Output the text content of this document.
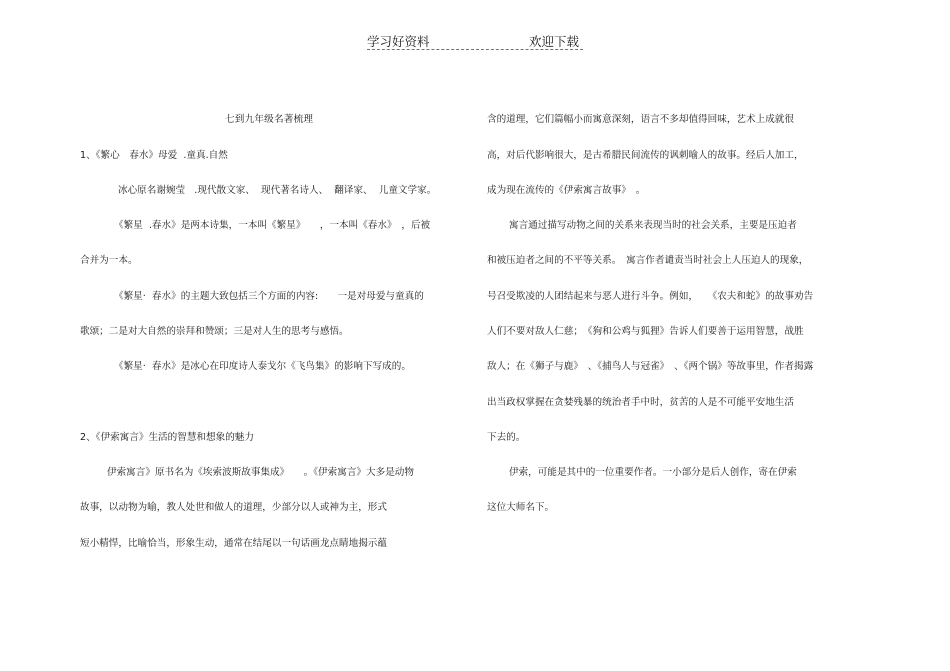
学习好资料	欢迎下载
七到九年级名著梳理
1、《繁心　春水》母爱  .童真.自然
冰心原名谢婉莹   .现代散文家、  现代著名诗人、  翻译家、  儿童文学家。
《繁星  .春水》是两本诗集，一本叫《繁星》　　，一本叫《春水》　，后被
合并为一本。
《繁星·  春水》的主题大致包括三个方面的内容:　　一是对母爱与童真的
歌颂；二是对大自然的崇拜和赞颂；三是对人生的思考与感悟。
《繁星·  春水》是冰心在印度诗人泰戈尔《飞鸟集》的影响下写成的。
2、《伊索寓言》生活的智慧和想象的魅力
伊索寓言》原书名为《埃索波斯故事集成》　　。《伊索寓言》大多是动物
故事，以动物为喻，教人处世和做人的道理，少部分以人或神为主，形式
短小精悍，比喻恰当，形象生动，通常在结尾以一句话画龙点睛地揭示蕴
含的道理，它们篇幅小而寓意深刻，语言不多却值得回味，艺术上成就很
高，对后代影响很大，是古希腊民间流传的讽刺喻人的故事。经后人加工，
成为现在流传的《伊索寓言故事》　。
寓言通过描写动物之间的关系来表现当时的社会关系，主要是压迫者
和被压迫者之间的不平等关系。　寓言作者谴责当时社会上人压迫人的现象，
号召受欺凌的人团结起来与恶人进行斗争。例如，　　《农夫和蛇》的故事劝告
人们不要对敌人仁慈；　《狗和公鸡与狐狸》告诉人们要善于运用智慧，战胜
敌人；在《狮子与鹿》　、《捕鸟人与冠雀》　、《两个锅》等故事里，作者揭露
出当政权掌握在贪婪残暴的统治者手中时，贫苦的人是不可能平安地生活
下去的。
伊索，可能是其中的一位重要作者。一小部分是后人创作，寄在伊索
这位大师名下。
